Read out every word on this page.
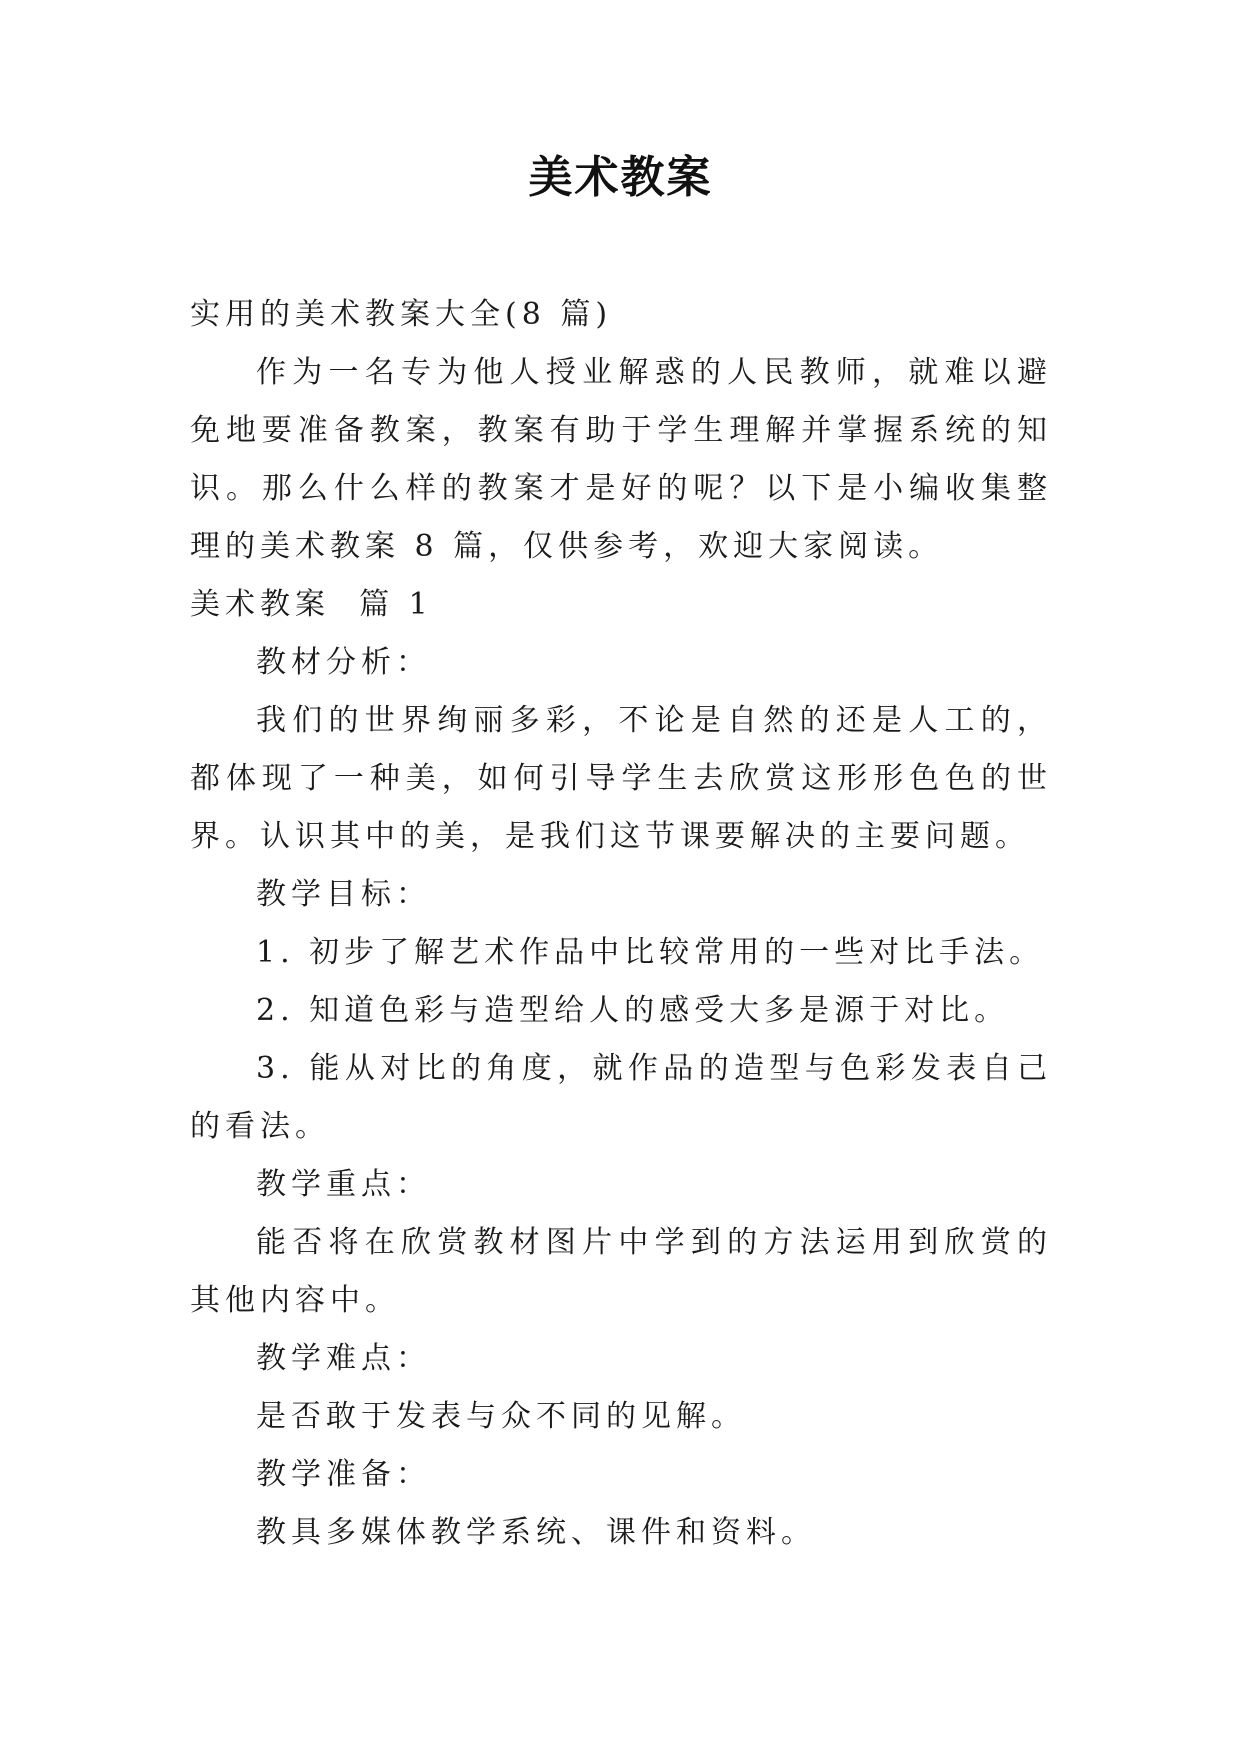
美术教案

实用的美术教案大全(8 篇)

作为一名专为他人授业解惑的人民教师，就难以避免地要准备教案，教案有助于学生理解并掌握系统的知识。那么什么样的教案才是好的呢？以下是小编收集整理的美术教案 8 篇，仅供参考，欢迎大家阅读。

美术教案  篇 1

教材分析：

我们的世界绚丽多彩，不论是自然的还是人工的，都体现了一种美，如何引导学生去欣赏这形形色色的世界。认识其中的美，是我们这节课要解决的主要问题。

教学目标：

1. 初步了解艺术作品中比较常用的一些对比手法。

2. 知道色彩与造型给人的感受大多是源于对比。

3. 能从对比的角度，就作品的造型与色彩发表自己的看法。

教学重点：

能否将在欣赏教材图片中学到的方法运用到欣赏的其他内容中。

教学难点：

是否敢于发表与众不同的见解。

教学准备：

教具多媒体教学系统、课件和资料。
